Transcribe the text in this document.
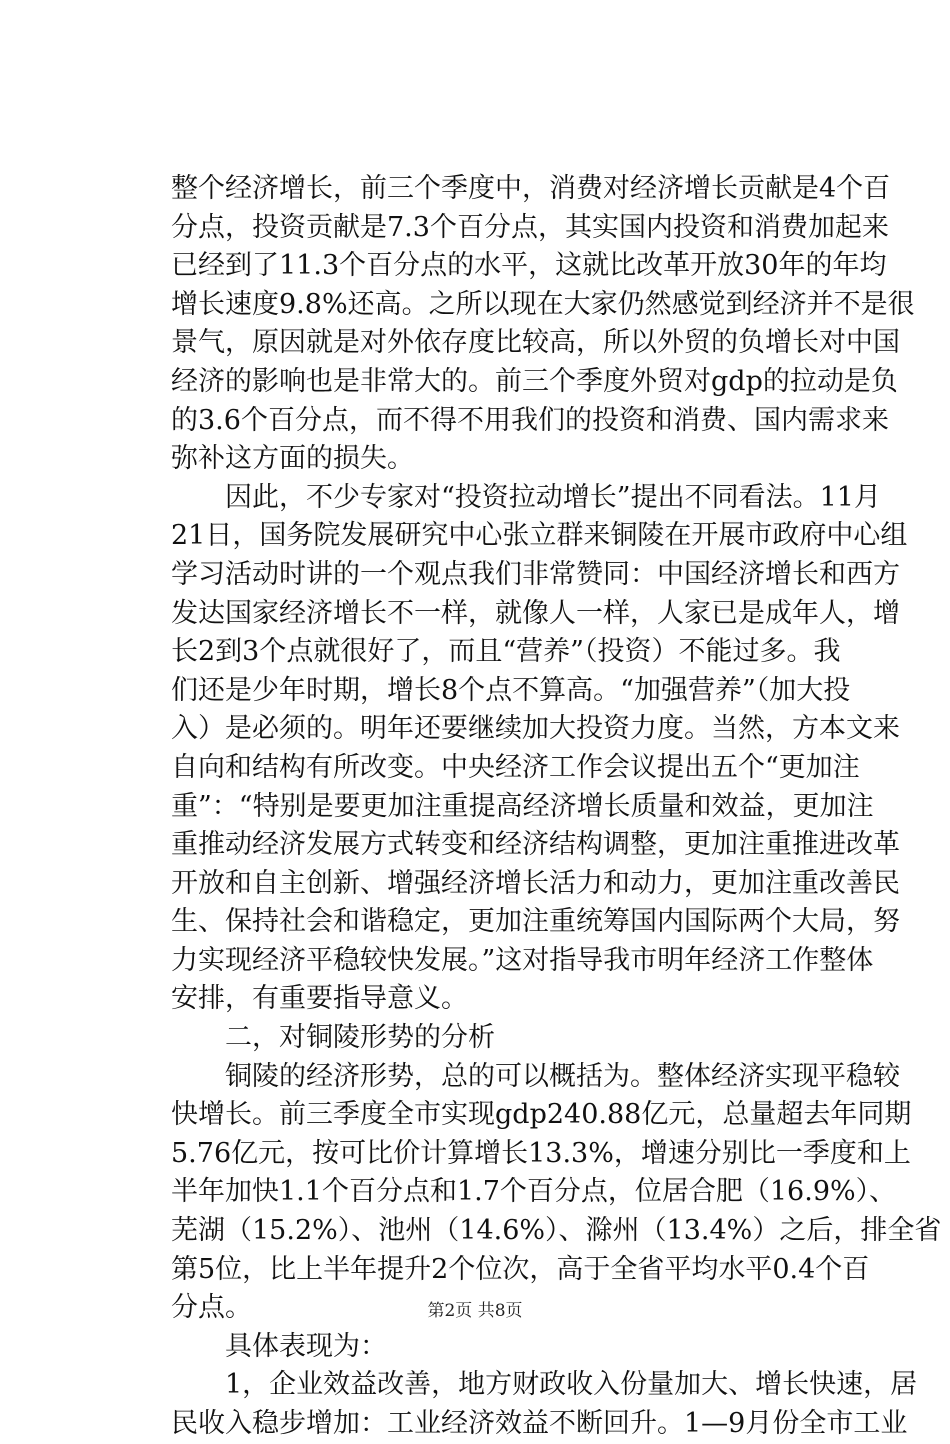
整个经济增长，前三个季度中，消费对经济增长贡献是4个百
分点，投资贡献是7.3个百分点，其实国内投资和消费加起来
已经到了11.3个百分点的水平，这就比改革开放30年的年均
增长速度9.8%还高。之所以现在大家仍然感觉到经济并不是很
景气，原因就是对外依存度比较高，所以外贸的负增长对中国
经济的影响也是非常大的。前三个季度外贸对gdp的拉动是负
的3.6个百分点，而不得不用我们的投资和消费、国内需求来
弥补这方面的损失。
　　因此，不少专家对“投资拉动增长”提出不同看法。11月
21日，国务院发展研究中心张立群来铜陵在开展市政府中心组
学习活动时讲的一个观点我们非常赞同：中国经济增长和西方
发达国家经济增长不一样，就像人一样，人家已是成年人，增
长2到3个点就很好了，而且“营养”（投资）不能过多。我
们还是少年时期，增长8个点不算高。“加强营养”（加大投
入）是必须的。明年还要继续加大投资力度。当然，方本文来
自向和结构有所改变。中央经济工作会议提出五个“更加注
重”：“特别是要更加注重提高经济增长质量和效益，更加注
重推动经济发展方式转变和经济结构调整，更加注重推进改革
开放和自主创新、增强经济增长活力和动力，更加注重改善民
生、保持社会和谐稳定，更加注重统筹国内国际两个大局，努
力实现经济平稳较快发展。”这对指导我市明年经济工作整体
安排，有重要指导意义。
　　二，对铜陵形势的分析
　　铜陵的经济形势，总的可以概括为。整体经济实现平稳较
快增长。前三季度全市实现gdp240.88亿元，总量超去年同期
5.76亿元，按可比价计算增长13.3%，增速分别比一季度和上
半年加快1.1个百分点和1.7个百分点，位居合肥（16.9%）、
芜湖（15.2%）、池州（14.6%）、滁州（13.4%）之后，排全省
第5位，比上半年提升2个位次，高于全省平均水平0.4个百
分点。
　　具体表现为：
　　1，企业效益改善，地方财政收入份量加大、增长快速，居
民收入稳步增加：工业经济效益不断回升。1—9月份全市工业
第2页 共8页
